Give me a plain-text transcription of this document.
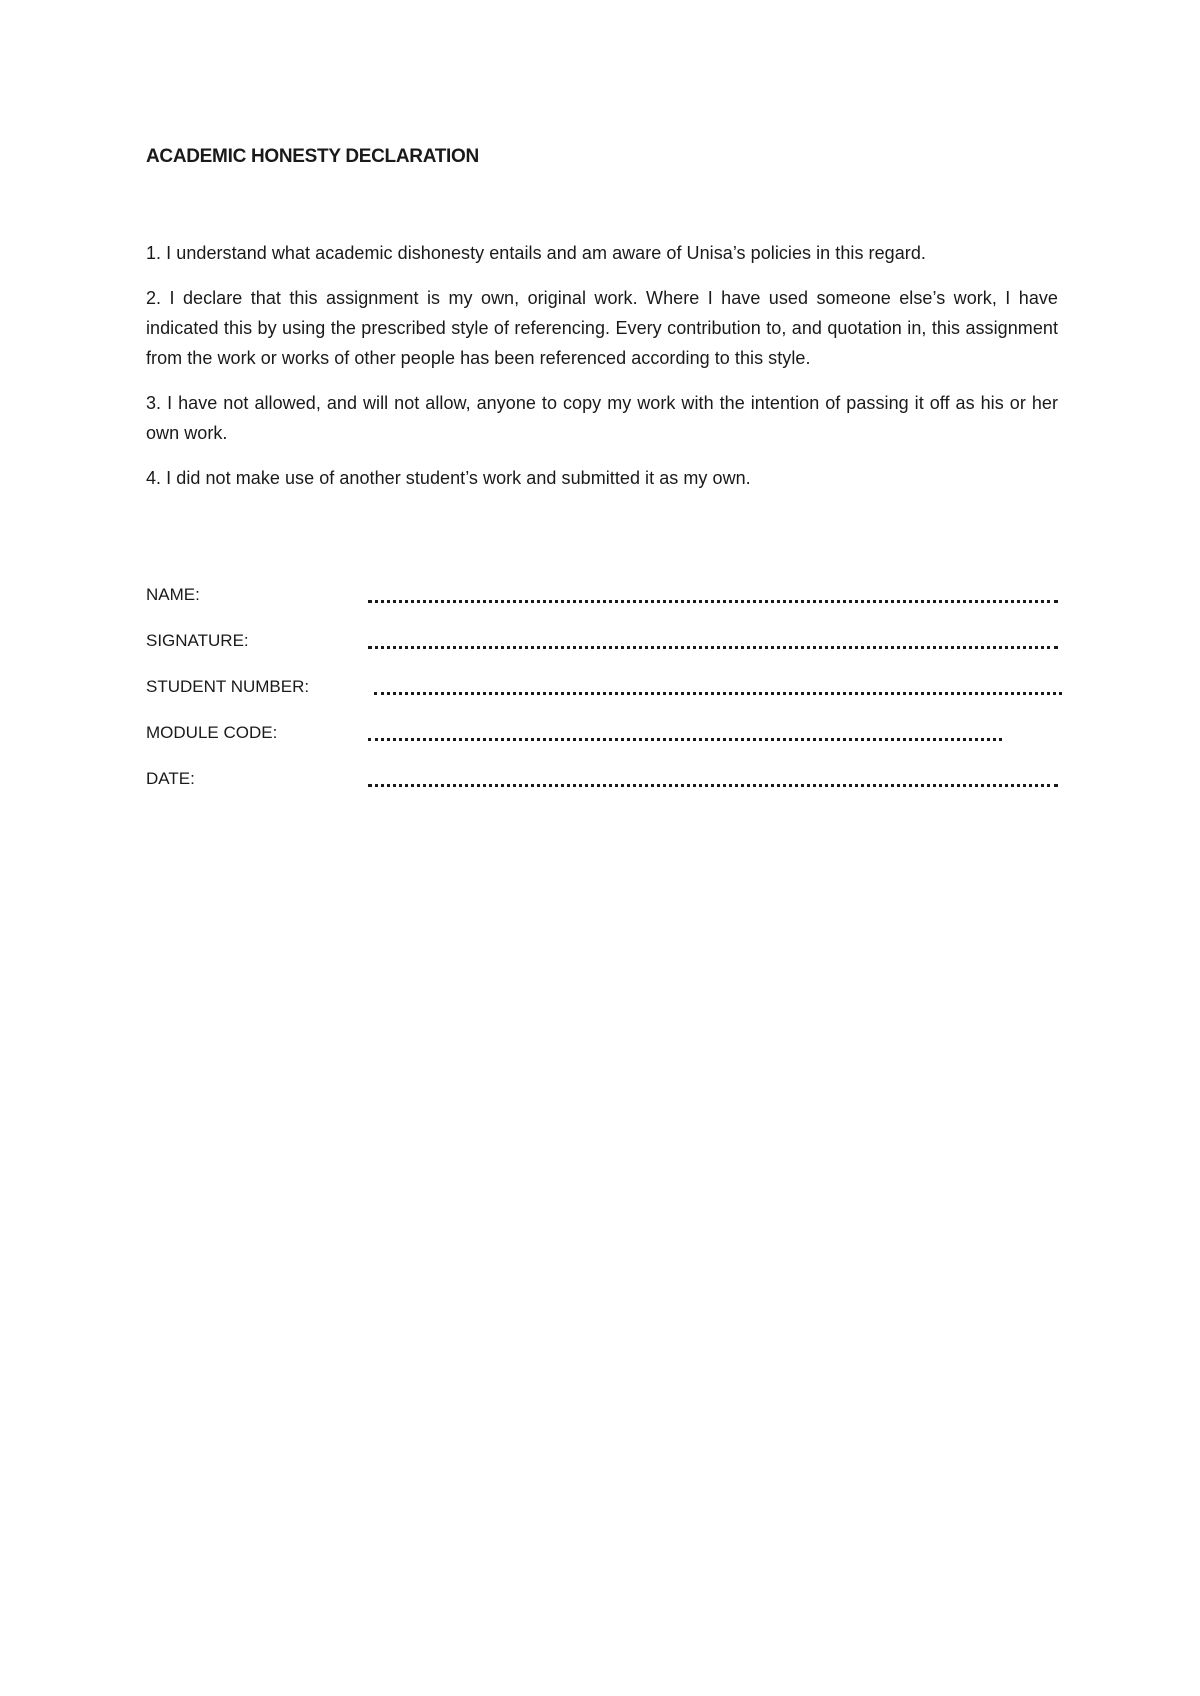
ACADEMIC HONESTY DECLARATION

1. I understand what academic dishonesty entails and am aware of Unisa’s policies in this regard.

2. I declare that this assignment is my own, original work. Where I have used someone else’s work, I have indicated this by using the prescribed style of referencing. Every contribution to, and quotation in, this assignment from the work or works of other people has been referenced according to this style.

3. I have not allowed, and will not allow, anyone to copy my work with the intention of passing it off as his or her own work.

4. I did not make use of another student’s work and submitted it as my own.

NAME:
SIGNATURE:
STUDENT NUMBER:
MODULE CODE:
DATE:
